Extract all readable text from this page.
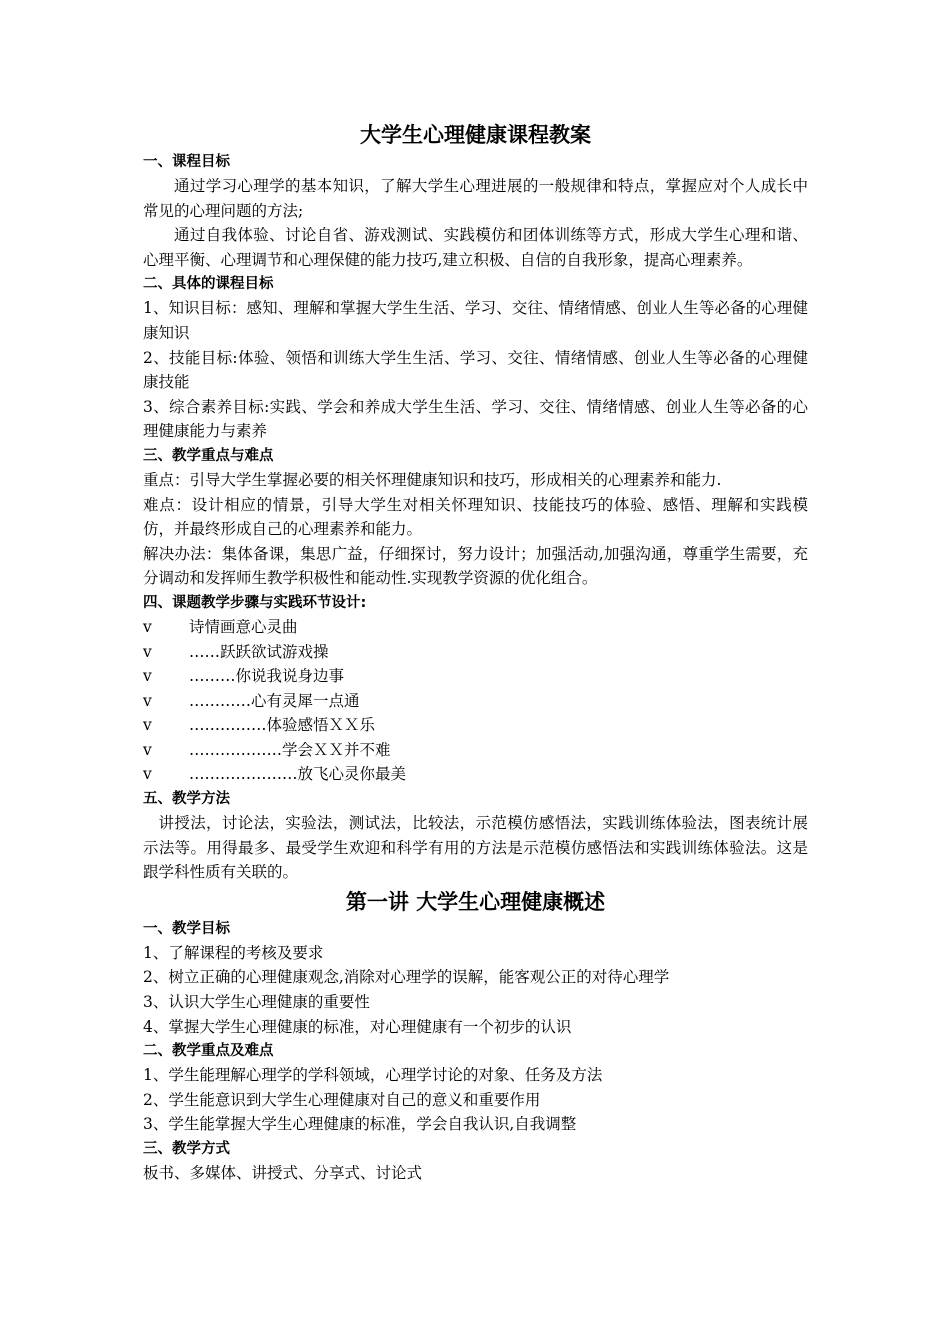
大学生心理健康课程教案
一、课程目标

通过学习心理学的基本知识，了解大学生心理进展的一般规律和特点，掌握应对个人成长中常见的心理问题的方法;

通过自我体验、讨论自省、游戏测试、实践模仿和团体训练等方式，形成大学生心理和谐、心理平衡、心理调节和心理保健的能力技巧,建立积极、自信的自我形象，提高心理素养。

二、具体的课程目标

1、知识目标：感知、理解和掌握大学生生活、学习、交往、情绪情感、创业人生等必备的心理健康知识

2、技能目标:体验、领悟和训练大学生生活、学习、交往、情绪情感、创业人生等必备的心理健康技能

3、综合素养目标:实践、学会和养成大学生生活、学习、交往、情绪情感、创业人生等必备的心理健康能力与素养

三、教学重点与难点

重点：引导大学生掌握必要的相关怀理健康知识和技巧，形成相关的心理素养和能力.

难点：设计相应的情景，引导大学生对相关怀理知识、技能技巧的体验、感悟、理解和实践模仿，并最终形成自己的心理素养和能力。

解决办法：集体备课，集思广益，仔细探讨，努力设计；加强活动,加强沟通，尊重学生需要，充分调动和发挥师生教学积极性和能动性.实现教学资源的优化组合。

四、课题教学步骤与实践环节设计:
v	诗情画意心灵曲
v	……跃跃欲试游戏操
v	………你说我说身边事
v	…………心有灵犀一点通
v	……………体验感悟ＸＸ乐
v	………………学会ＸＸ并不难
v	…………………放飞心灵你最美
五、教学方法

讲授法，讨论法，实验法，测试法，比较法，示范模仿感悟法，实践训练体验法，图表统计展示法等。用得最多、最受学生欢迎和科学有用的方法是示范模仿感悟法和实践训练体验法。这是跟学科性质有关联的。

第一讲 大学生心理健康概述
一、教学目标

1、了解课程的考核及要求

2、树立正确的心理健康观念,消除对心理学的误解，能客观公正的对待心理学

3、认识大学生心理健康的重要性

4、掌握大学生心理健康的标准，对心理健康有一个初步的认识

二、教学重点及难点

1、学生能理解心理学的学科领域，心理学讨论的对象、任务及方法

2、学生能意识到大学生心理健康对自己的意义和重要作用

3、学生能掌握大学生心理健康的标准，学会自我认识,自我调整

三、教学方式

板书、多媒体、讲授式、分享式、讨论式
